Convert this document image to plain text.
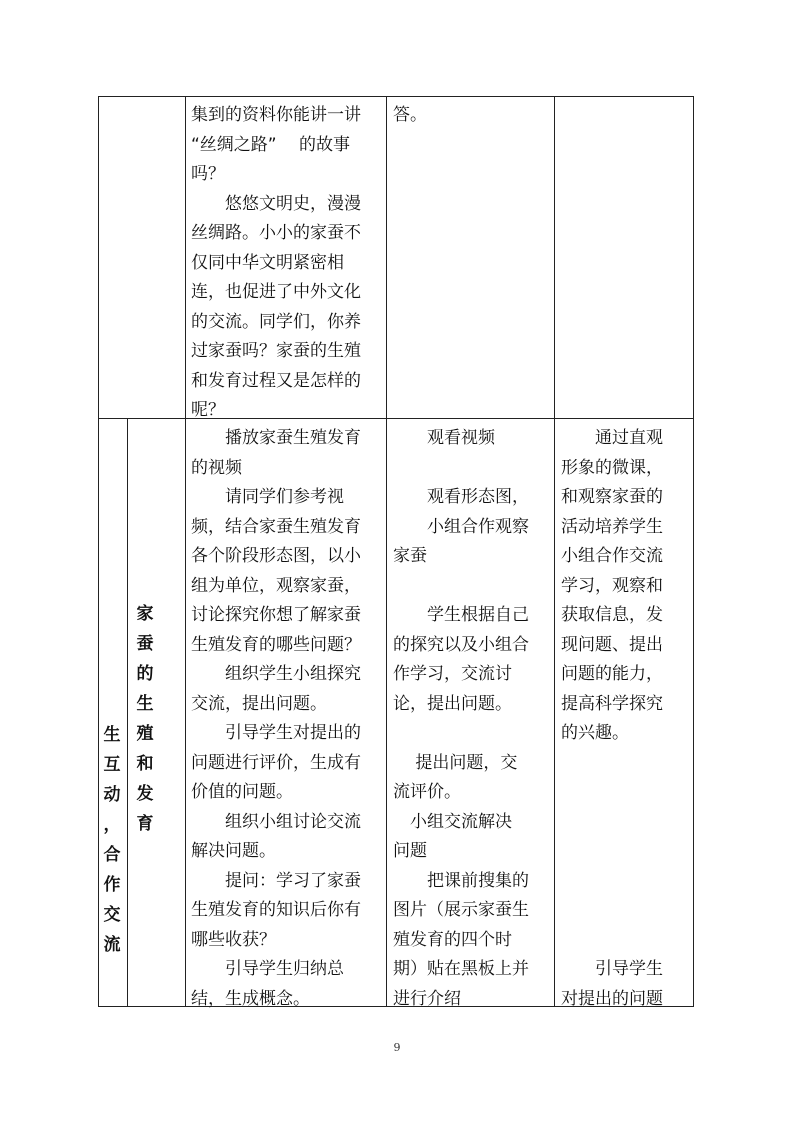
集到的资料你能讲一讲
“丝绸之路”　 的故事
吗？
　　悠悠文明史，漫漫
丝绸路。小小的家蚕不
仅同中华文明紧密相
连，也促进了中外文化
的交流。同学们，你养
过家蚕吗？家蚕的生殖
和发育过程又是怎样的
呢？
答。
生
互
动
，
合
作
交
流
家
蚕
的
生
殖
和
发
育
　　播放家蚕生殖发育
的视频
　　请同学们参考视
频，结合家蚕生殖发育
各个阶段形态图，以小
组为单位，观察家蚕，
讨论探究你想了解家蚕
生殖发育的哪些问题？
　　组织学生小组探究
交流，提出问题。
　　引导学生对提出的
问题进行评价，生成有
价值的问题。
　　组织小组讨论交流
解决问题。
　　提问：学习了家蚕
生殖发育的知识后你有
哪些收获？
　　引导学生归纳总
结，生成概念。
　　观看视频
　　观看形态图，
　　小组合作观察
家蚕
　　学生根据自己
的探究以及小组合
作学习，交流讨
论，提出问题。
　 提出问题，交
流评价。
　小组交流解决
问题
　　把课前搜集的
图片（展示家蚕生
殖发育的四个时
期）贴在黑板上并
进行介绍
　　通过直观
形象的微课，
和观察家蚕的
活动培养学生
小组合作交流
学习，观察和
获取信息，发
现问题、提出
问题的能力，
提高科学探究
的兴趣。
　　引导学生
对提出的问题
9
